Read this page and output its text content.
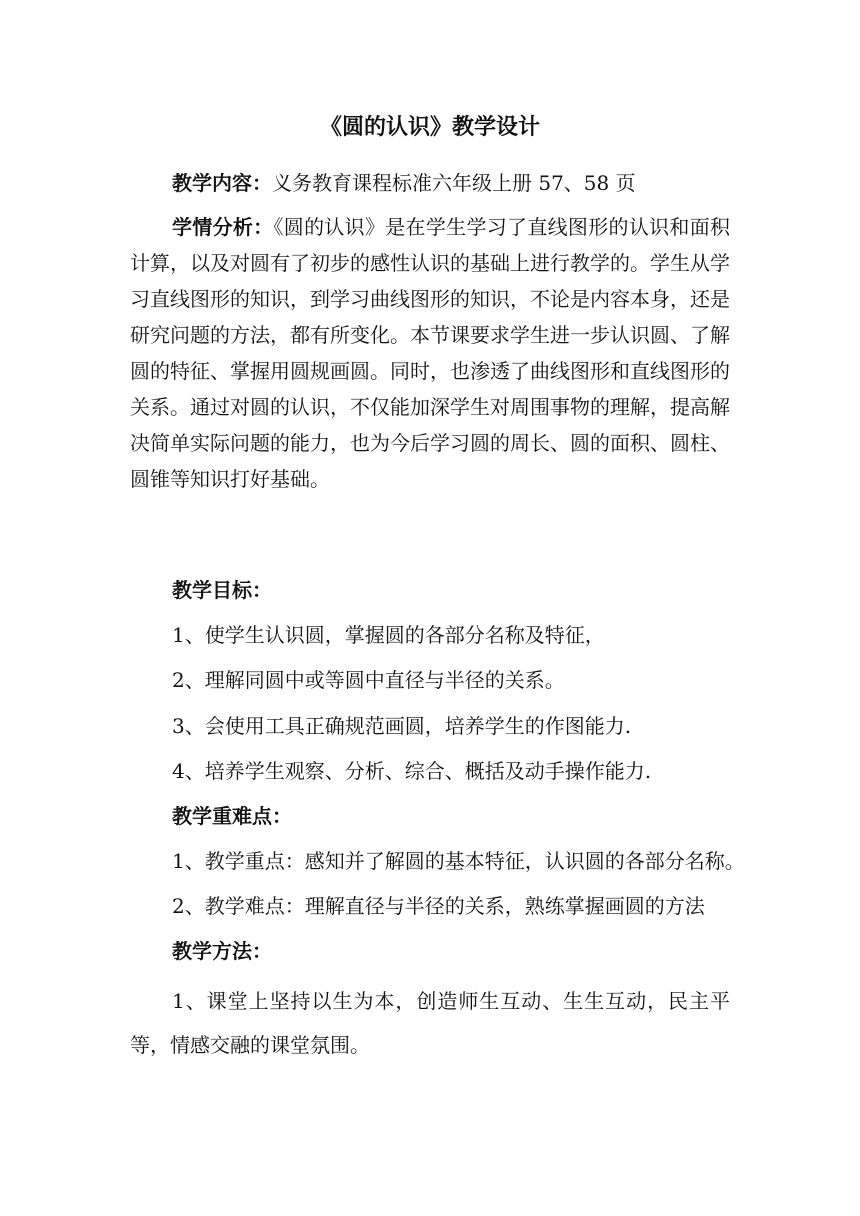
《圆的认识》教学设计
教学内容：义务教育课程标准六年级上册 57、58 页
学情分析：《圆的认识》是在学生学习了直线图形的认识和面积计算，以及对圆有了初步的感性认识的基础上进行教学的。学生从学习直线图形的知识，到学习曲线图形的知识，不论是内容本身，还是研究问题的方法，都有所变化。本节课要求学生进一步认识圆、了解圆的特征、掌握用圆规画圆。同时，也渗透了曲线图形和直线图形的关系。通过对圆的认识，不仅能加深学生对周围事物的理解，提高解决简单实际问题的能力，也为今后学习圆的周长、圆的面积、圆柱、圆锥等知识打好基础。
教学目标：
1、使学生认识圆，掌握圆的各部分名称及特征，
2、理解同圆中或等圆中直径与半径的关系。
3、会使用工具正确规范画圆，培养学生的作图能力.
4、培养学生观察、分析、综合、概括及动手操作能力.
教学重难点：
1、教学重点：感知并了解圆的基本特征，认识圆的各部分名称。
2、教学难点：理解直径与半径的关系，熟练掌握画圆的方法
教学方法：
1、课堂上坚持以生为本，创造师生互动、生生互动，民主平等，情感交融的课堂氛围。
